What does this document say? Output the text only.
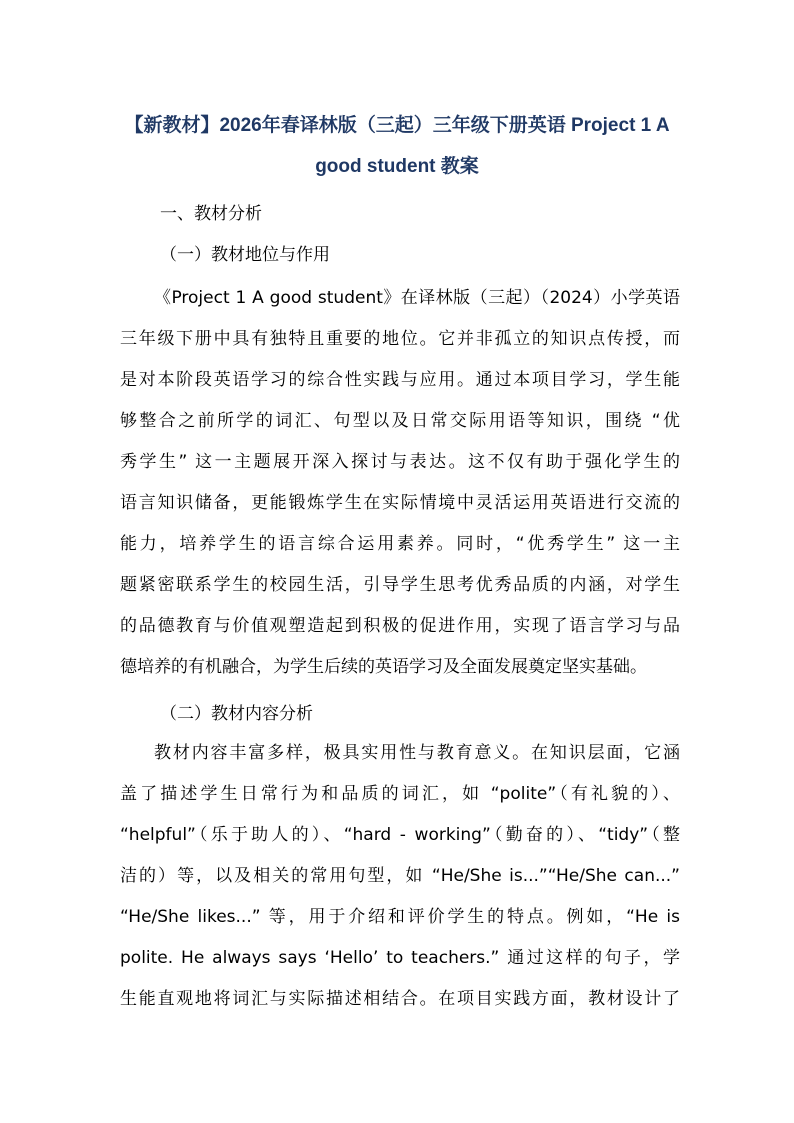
【新教材】2026年春译林版（三起）三年级下册英语 Project 1 A
good student 教案
一、教材分析
（一）教材地位与作用
《Project 1 A good student》在译林版（三起）（2024）小学英语
三年级下册中具有独特且重要的地位。它并非孤立的知识点传授，而
是对本阶段英语学习的综合性实践与应用。通过本项目学习，学生能
够整合之前所学的词汇、句型以及日常交际用语等知识，围绕 “优
秀学生” 这一主题展开深入探讨与表达。这不仅有助于强化学生的
语言知识储备，更能锻炼学生在实际情境中灵活运用英语进行交流的
能力，培养学生的语言综合运用素养。同时，“优秀学生” 这一主
题紧密联系学生的校园生活，引导学生思考优秀品质的内涵，对学生
的品德教育与价值观塑造起到积极的促进作用，实现了语言学习与品
德培养的有机融合，为学生后续的英语学习及全面发展奠定坚实基础。
（二）教材内容分析
教材内容丰富多样，极具实用性与教育意义。在知识层面，它涵
盖了描述学生日常行为和品质的词汇，如 “polite”（有礼貌的）、
“helpful”（乐于助人的）、“hard - working”（勤奋的）、“tidy”（整
洁的）等，以及相关的常用句型，如 “He/She is...”“He/She can...”
“He/She likes...” 等，用于介绍和评价学生的特点。例如，“He is
polite. He always says ‘Hello’ to teachers.” 通过这样的句子，学
生能直观地将词汇与实际描述相结合。在项目实践方面，教材设计了
